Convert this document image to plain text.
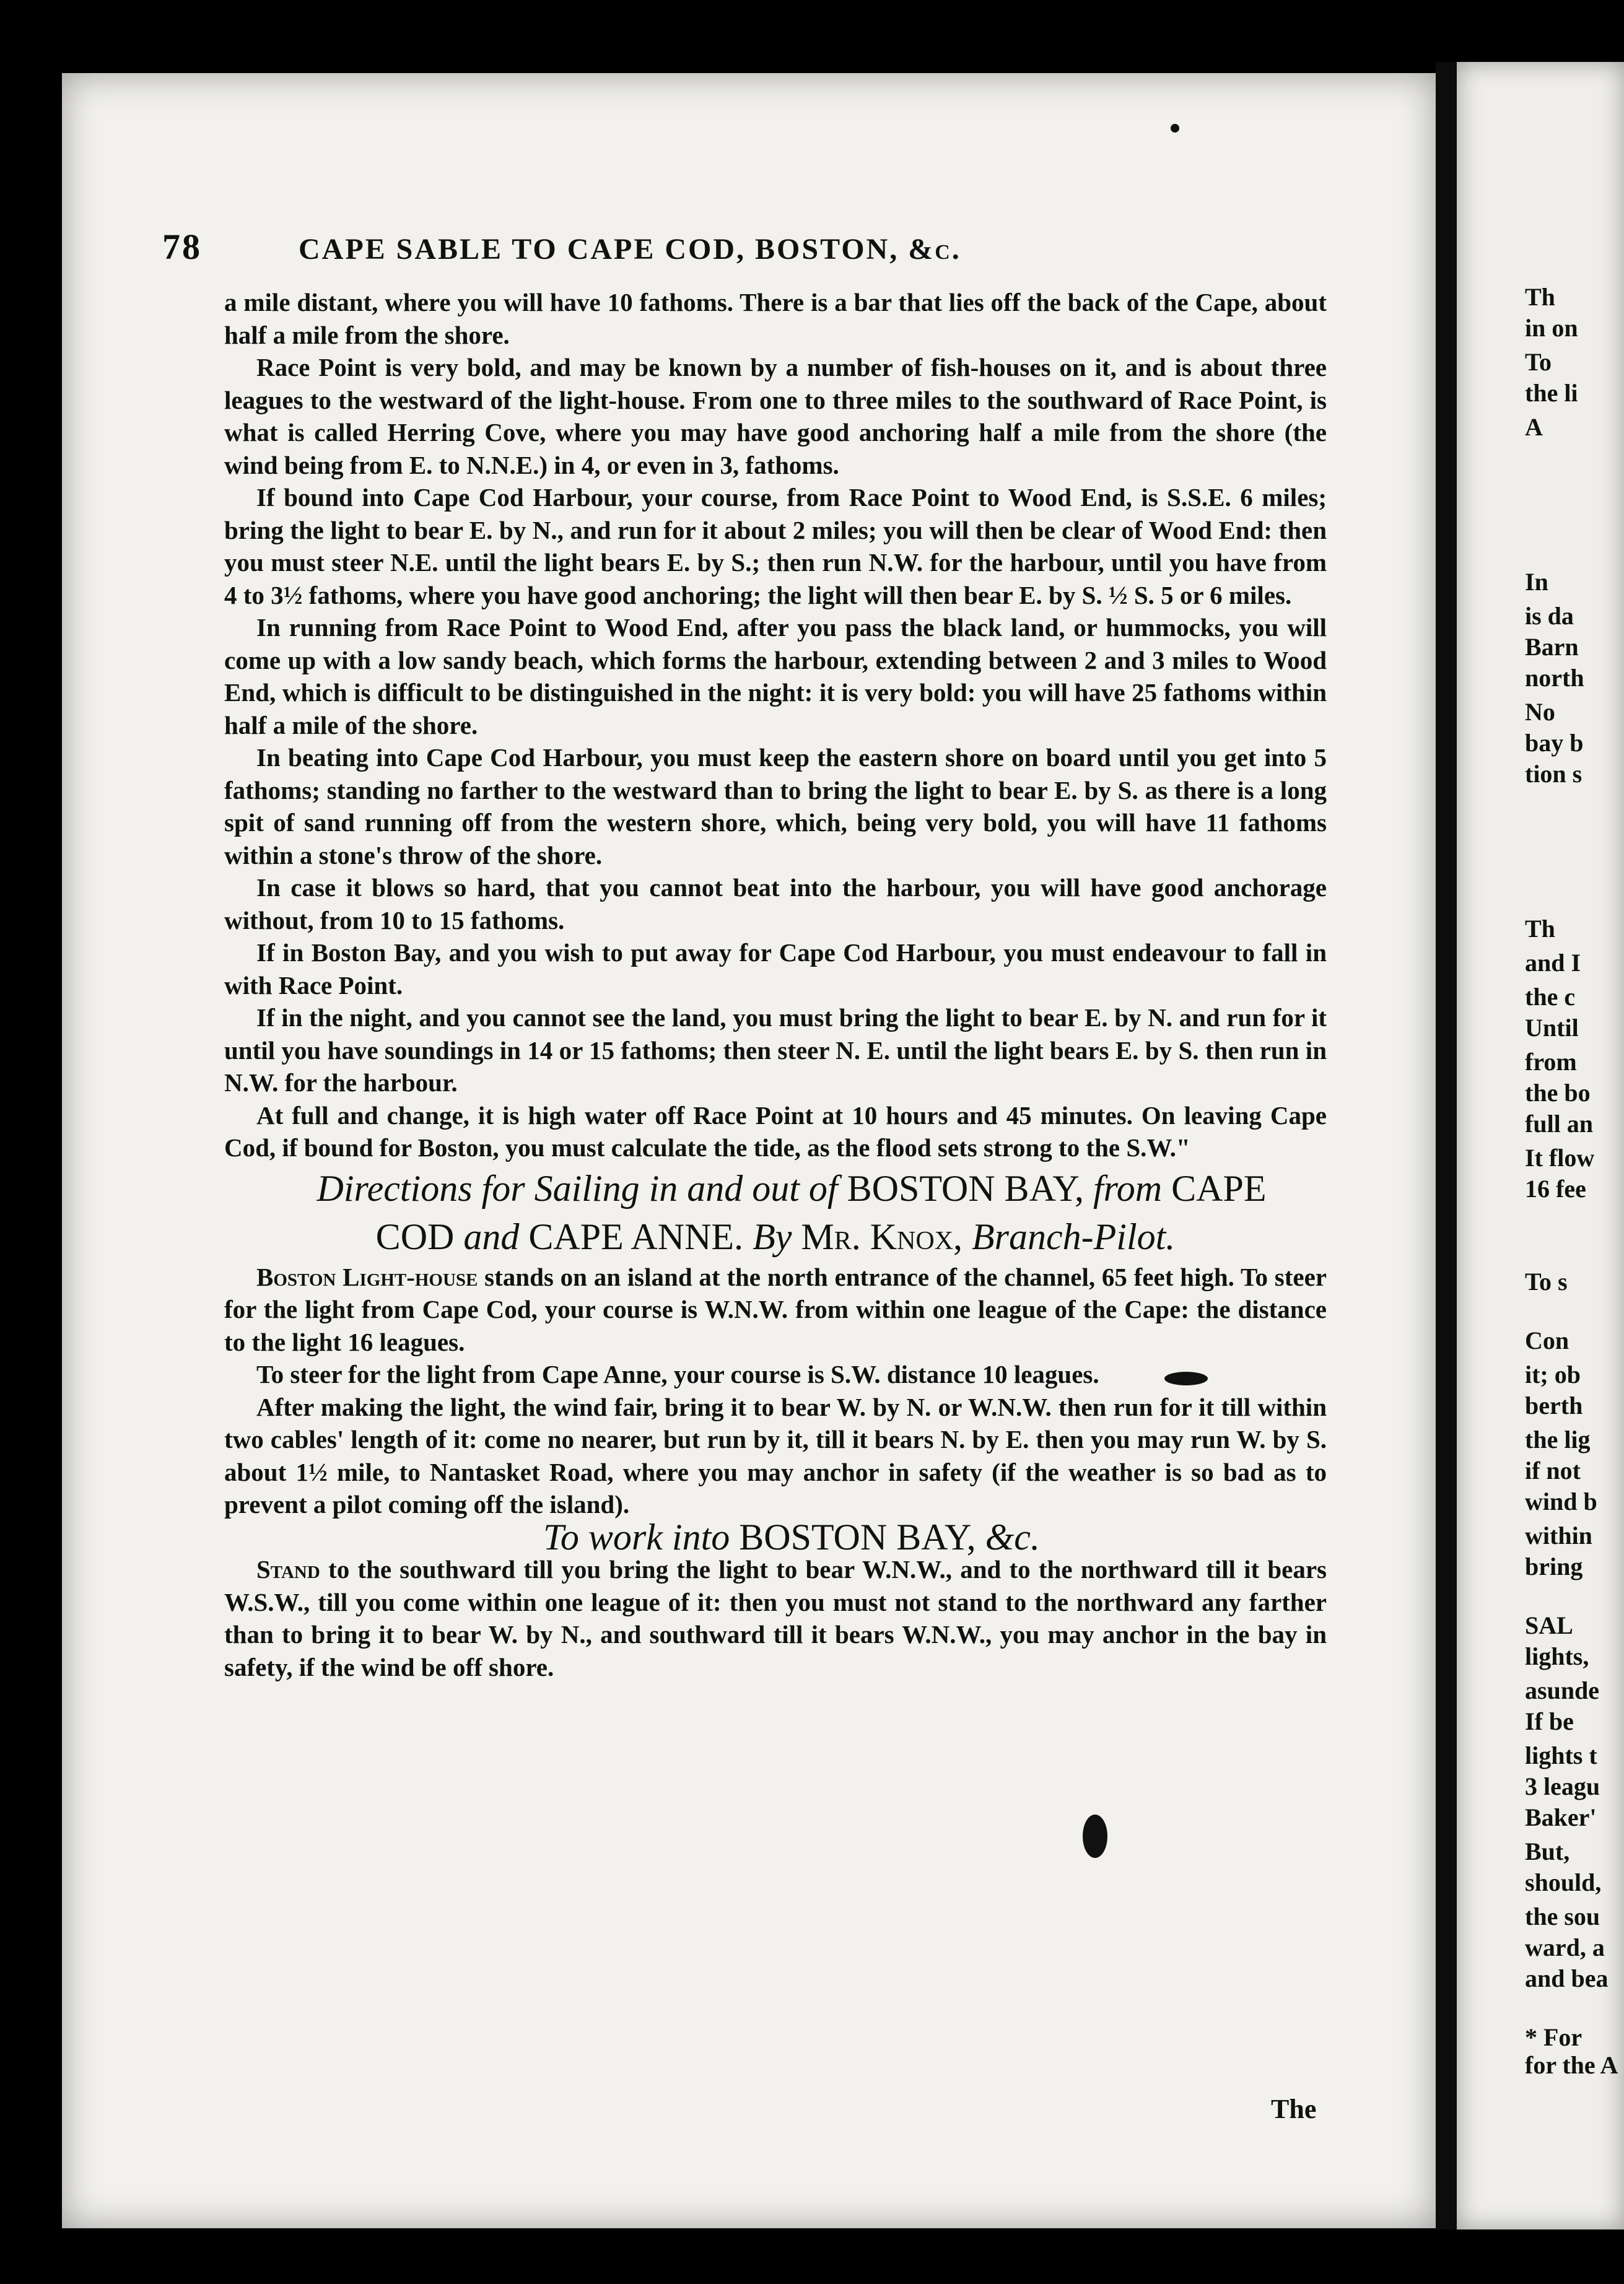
78	CAPE SABLE TO CAPE COD, BOSTON, &c.

a mile distant, where you will have 10 fathoms. There is a bar that lies off the back of the Cape, about half a mile from the shore.

Race Point is very bold, and may be known by a number of fish-houses on it, and is about three leagues to the westward of the light-house. From one to three miles to the southward of Race Point, is what is called Herring Cove, where you may have good anchoring half a mile from the shore (the wind being from E. to N.N.E.) in 4, or even in 3, fathoms.

If bound into Cape Cod Harbour, your course, from Race Point to Wood End, is S.S.E. 6 miles; bring the light to bear E. by N., and run for it about 2 miles; you will then be clear of Wood End: then you must steer N.E. until the light bears E. by S.; then run N.W. for the harbour, until you have from 4 to 3½ fathoms, where you have good anchoring; the light will then bear E. by S. ½ S. 5 or 6 miles.

In running from Race Point to Wood End, after you pass the black land, or hummocks, you will come up with a low sandy beach, which forms the harbour, extending between 2 and 3 miles to Wood End, which is difficult to be distinguished in the night: it is very bold: you will have 25 fathoms within half a mile of the shore.

In beating into Cape Cod Harbour, you must keep the eastern shore on board until you get into 5 fathoms; standing no farther to the westward than to bring the light to bear E. by S. as there is a long spit of sand running off from the western shore, which, being very bold, you will have 11 fathoms within a stone's throw of the shore.

In case it blows so hard, that you cannot beat into the harbour, you will have good anchorage without, from 10 to 15 fathoms.

If in Boston Bay, and you wish to put away for Cape Cod Harbour, you must endeavour to fall in with Race Point.

If in the night, and you cannot see the land, you must bring the light to bear E. by N. and run for it until you have soundings in 14 or 15 fathoms; then steer N. E. until the light bears E. by S. then run in N.W. for the harbour.

At full and change, it is high water off Race Point at 10 hours and 45 minutes. On leaving Cape Cod, if bound for Boston, you must calculate the tide, as the flood sets strong to the S.W."

Directions for Sailing in and out of BOSTON BAY, from CAPE
COD and CAPE ANNE. By Mr. Knox, Branch-Pilot.

Boston Light-house stands on an island at the north entrance of the channel, 65 feet high. To steer for the light from Cape Cod, your course is W.N.W. from within one league of the Cape: the distance to the light 16 leagues.

To steer for the light from Cape Anne, your course is S.W. distance 10 leagues.

After making the light, the wind fair, bring it to bear W. by N. or W.N.W. then run for it till within two cables' length of it: come no nearer, but run by it, till it bears N. by E. then you may run W. by S. about 1½ mile, to Nantasket Road, where you may anchor in safety (if the weather is so bad as to prevent a pilot coming off the island).

To work into BOSTON BAY, &c.

Stand to the southward till you bring the light to bear W.N.W., and to the northward till it bears W.S.W., till you come within one league of it: then you must not stand to the northward any farther than to bring it to bear W. by N., and southward till it bears W.N.W., you may anchor in the bay in safety, if the wind be off shore.

The
Th
in on
To
the li
A
In
is da
Barn
north
No
bay b
tion s
Th
and I
the c
Until
from
the bo
full an
It flow
16 fee
To s
Con
it; ob
berth
the lig
if not
wind b
within
bring
SAL
lights,
asunde
If be
lights t
3 leagu
Baker'
But,
should,
the sou
ward, a
and bea
* For
for the A
